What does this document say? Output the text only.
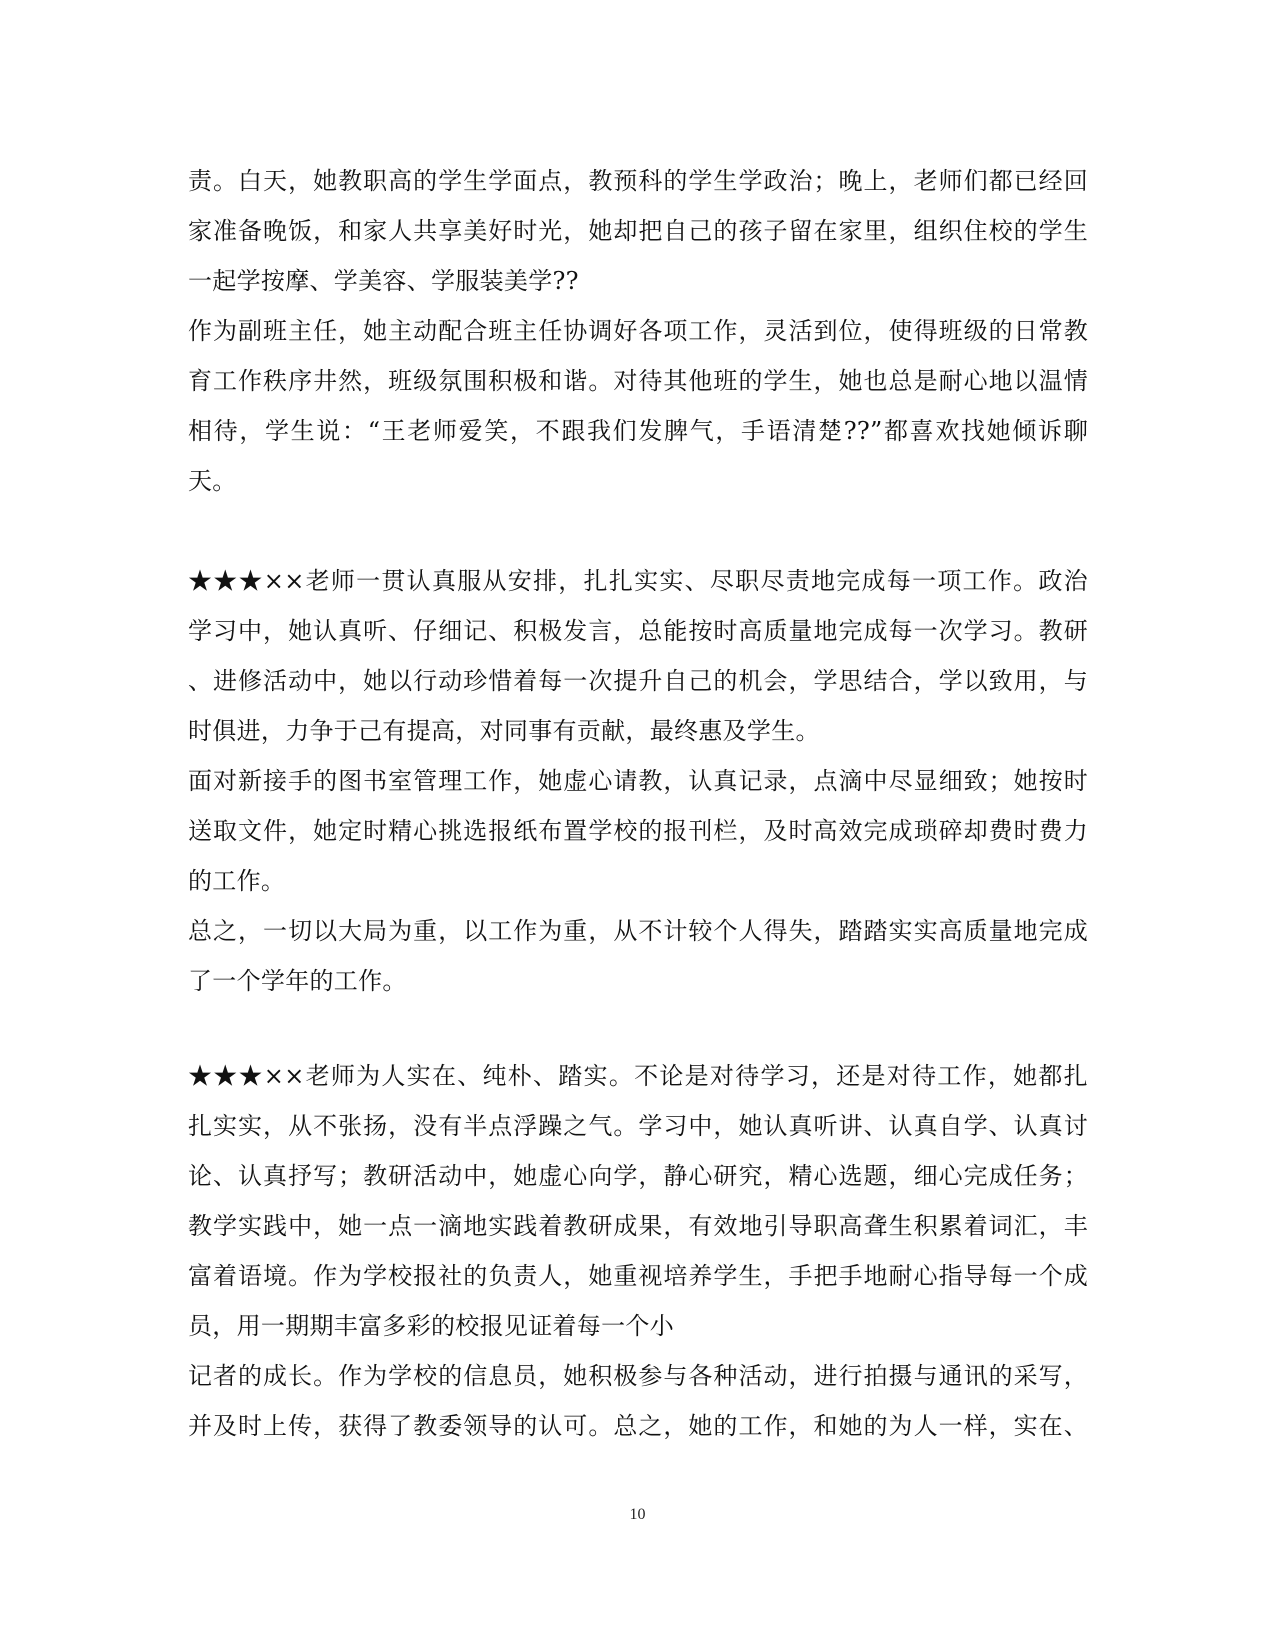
责。白天，她教职高的学生学面点，教预科的学生学政治；晚上，老师们都已经回
家准备晚饭，和家人共享美好时光，她却把自己的孩子留在家里，组织住校的学生
一起学按摩、学美容、学服装美学??
作为副班主任，她主动配合班主任协调好各项工作，灵活到位，使得班级的日常教
育工作秩序井然，班级氛围积极和谐。对待其他班的学生，她也总是耐心地以温情
相待，学生说：“王老师爱笑，不跟我们发脾气，手语清楚??”都喜欢找她倾诉聊
天。
★★★××老师一贯认真服从安排，扎扎实实、尽职尽责地完成每一项工作。政治
学习中，她认真听、仔细记、积极发言，总能按时高质量地完成每一次学习。教研
、进修活动中，她以行动珍惜着每一次提升自己的机会，学思结合，学以致用，与
时俱进，力争于己有提高，对同事有贡献，最终惠及学生。
面对新接手的图书室管理工作，她虚心请教，认真记录，点滴中尽显细致；她按时
送取文件，她定时精心挑选报纸布置学校的报刊栏，及时高效完成琐碎却费时费力
的工作。
总之，一切以大局为重，以工作为重，从不计较个人得失，踏踏实实高质量地完成
了一个学年的工作。
★★★××老师为人实在、纯朴、踏实。不论是对待学习，还是对待工作，她都扎
扎实实，从不张扬，没有半点浮躁之气。学习中，她认真听讲、认真自学、认真讨
论、认真抒写；教研活动中，她虚心向学，静心研究，精心选题，细心完成任务；
教学实践中，她一点一滴地实践着教研成果，有效地引导职高聋生积累着词汇，丰
富着语境。作为学校报社的负责人，她重视培养学生，手把手地耐心指导每一个成
员，用一期期丰富多彩的校报见证着每一个小
记者的成长。作为学校的信息员，她积极参与各种活动，进行拍摄与通讯的采写，
并及时上传，获得了教委领导的认可。总之，她的工作，和她的为人一样，实在、
10
